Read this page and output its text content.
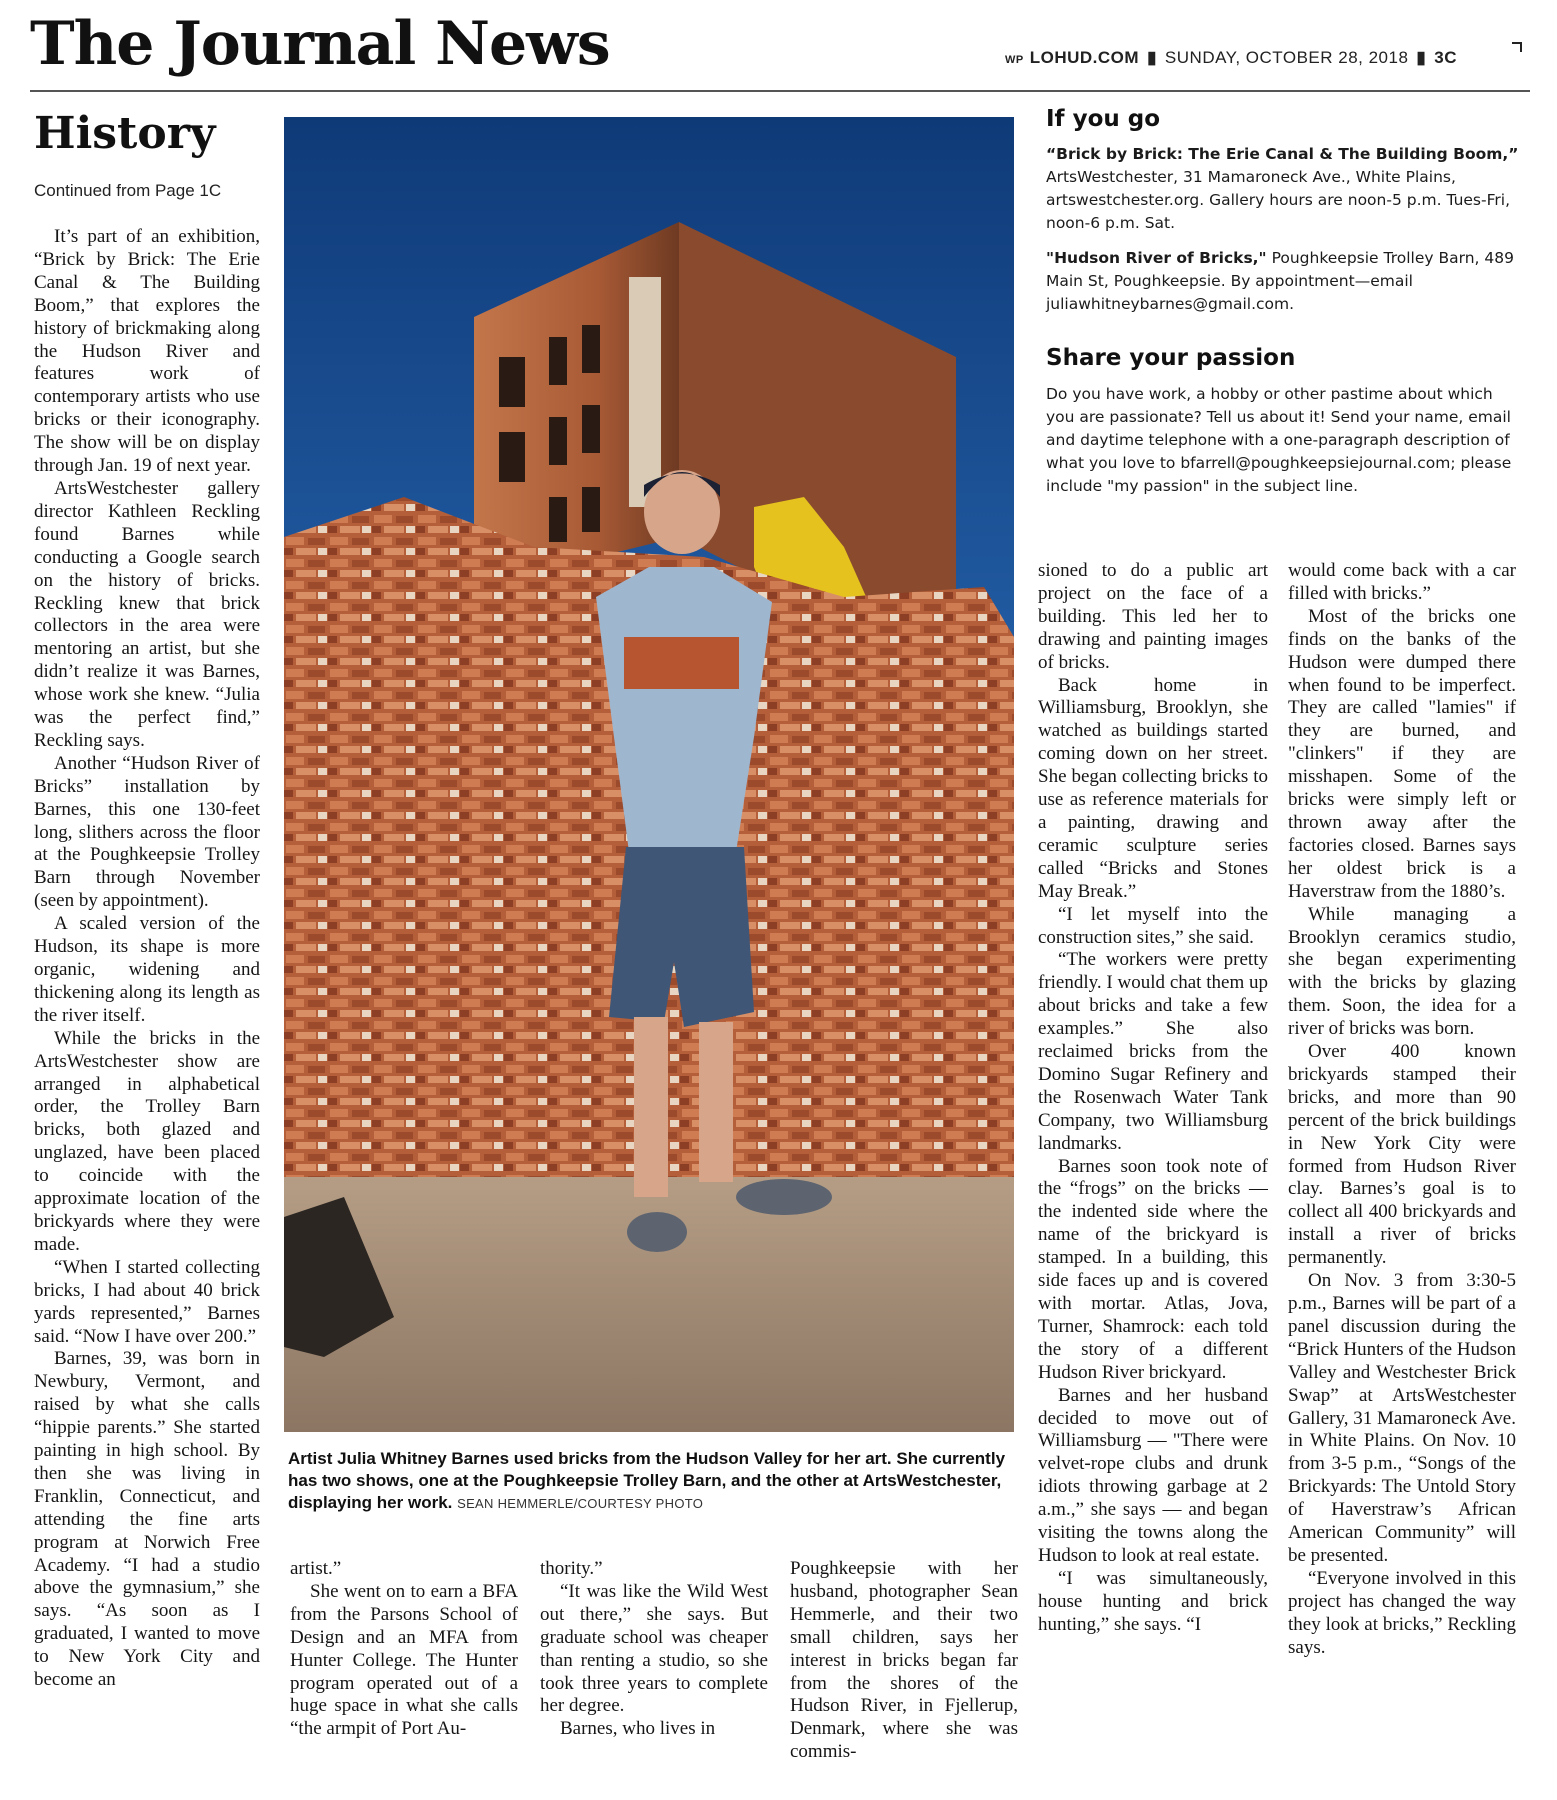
The Journal News	WP LOHUD.COM ▮ SUNDAY, OCTOBER 28, 2018 ▮ 3C
History
Continued from Page 1C

It’s part of an exhibition, “Brick by Brick: The Erie Canal & The Building Boom,” that explores the history of brickmaking along the Hudson River and features work of contemporary artists who use bricks or their iconography. The show will be on display through Jan. 19 of next year.

ArtsWestchester gallery director Kathleen Reckling found Barnes while conducting a Google search on the history of bricks. Reckling knew that brick collectors in the area were mentoring an artist, but she didn’t realize it was Barnes, whose work she knew. “Julia was the perfect find,” Reckling says.

Another “Hudson River of Bricks” installation by Barnes, this one 130-feet long, slithers across the floor at the Poughkeepsie Trolley Barn through November (seen by appointment).

A scaled version of the Hudson, its shape is more organic, widening and thickening along its length as the river itself.

While the bricks in the ArtsWestchester show are arranged in alphabetical order, the Trolley Barn bricks, both glazed and unglazed, have been placed to coincide with the approximate location of the brickyards where they were made.

“When I started collecting bricks, I had about 40 brick yards represented,” Barnes said. “Now I have over 200.”

Barnes, 39, was born in Newbury, Vermont, and raised by what she calls “hippie parents.” She started painting in high school. By then she was living in Franklin, Connecticut, and attending the fine arts program at Norwich Free Academy. “I had a studio above the gymnasium,” she says. “As soon as I graduated, I wanted to move to New York City and become an

Artist Julia Whitney Barnes used bricks from the Hudson Valley for her art. She currently has two shows, one at the Poughkeepsie Trolley Barn, and the other at ArtsWestchester, displaying her work. SEAN HEMMERLE/COURTESY PHOTO

artist.”

She went on to earn a BFA from the Parsons School of Design and an MFA from Hunter College. The Hunter program operated out of a huge space in what she calls “the armpit of Port Au-

thority.”

“It was like the Wild West out there,” she says. But graduate school was cheaper than renting a studio, so she took three years to complete her degree.

Barnes, who lives in

Poughkeepsie with her husband, photographer Sean Hemmerle, and their two small children, says her interest in bricks began far from the shores of the Hudson River, in Fjellerup, Denmark, where she was commis-

If you go

“Brick by Brick: The Erie Canal & The Building Boom,” ArtsWestchester, 31 Mamaroneck Ave., White Plains, artswestchester.org. Gallery hours are noon-5 p.m. Tues-Fri, noon-6 p.m. Sat.

"Hudson River of Bricks," Poughkeepsie Trolley Barn, 489 Main St, Poughkeepsie. By appointment—email juliawhitneybarnes@gmail.com.

Share your passion

Do you have work, a hobby or other pastime about which you are passionate? Tell us about it! Send your name, email and daytime telephone with a one-paragraph description of what you love to bfarrell@poughkeepsiejournal.com; please include "my passion" in the subject line.

sioned to do a public art project on the face of a building. This led her to drawing and painting images of bricks.

Back home in Williamsburg, Brooklyn, she watched as buildings started coming down on her street. She began collecting bricks to use as reference materials for a painting, drawing and ceramic sculpture series called “Bricks and Stones May Break.”

“I let myself into the construction sites,” she said.

“The workers were pretty friendly. I would chat them up about bricks and take a few examples.” She also reclaimed bricks from the Domino Sugar Refinery and the Rosenwach Water Tank Company, two Williamsburg landmarks.

Barnes soon took note of the “frogs” on the bricks — the indented side where the name of the brickyard is stamped. In a building, this side faces up and is covered with mortar. Atlas, Jova, Turner, Shamrock: each told the story of a different Hudson River brickyard.

Barnes and her husband decided to move out of Williamsburg — "There were velvet-rope clubs and drunk idiots throwing garbage at 2 a.m.,” she says — and began visiting the towns along the Hudson to look at real estate.

“I was simultaneously, house hunting and brick hunting,” she says. “I

would come back with a car filled with bricks.”

Most of the bricks one finds on the banks of the Hudson were dumped there when found to be imperfect. They are called "lamies" if they are burned, and "clinkers" if they are misshapen. Some of the bricks were simply left or thrown away after the factories closed. Barnes says her oldest brick is a Haverstraw from the 1880’s.

While managing a Brooklyn ceramics studio, she began experimenting with the bricks by glazing them. Soon, the idea for a river of bricks was born.

Over 400 known brickyards stamped their bricks, and more than 90 percent of the brick buildings in New York City were formed from Hudson River clay. Barnes’s goal is to collect all 400 brickyards and install a river of bricks permanently.

On Nov. 3 from 3:30-5 p.m., Barnes will be part of a panel discussion during the “Brick Hunters of the Hudson Valley and Westchester Brick Swap” at ArtsWestchester Gallery, 31 Mamaroneck Ave. in White Plains. On Nov. 10 from 3-5 p.m., “Songs of the Brickyards: The Untold Story of Haverstraw’s African American Community” will be presented.

“Everyone involved in this project has changed the way they look at bricks,” Reckling says.
